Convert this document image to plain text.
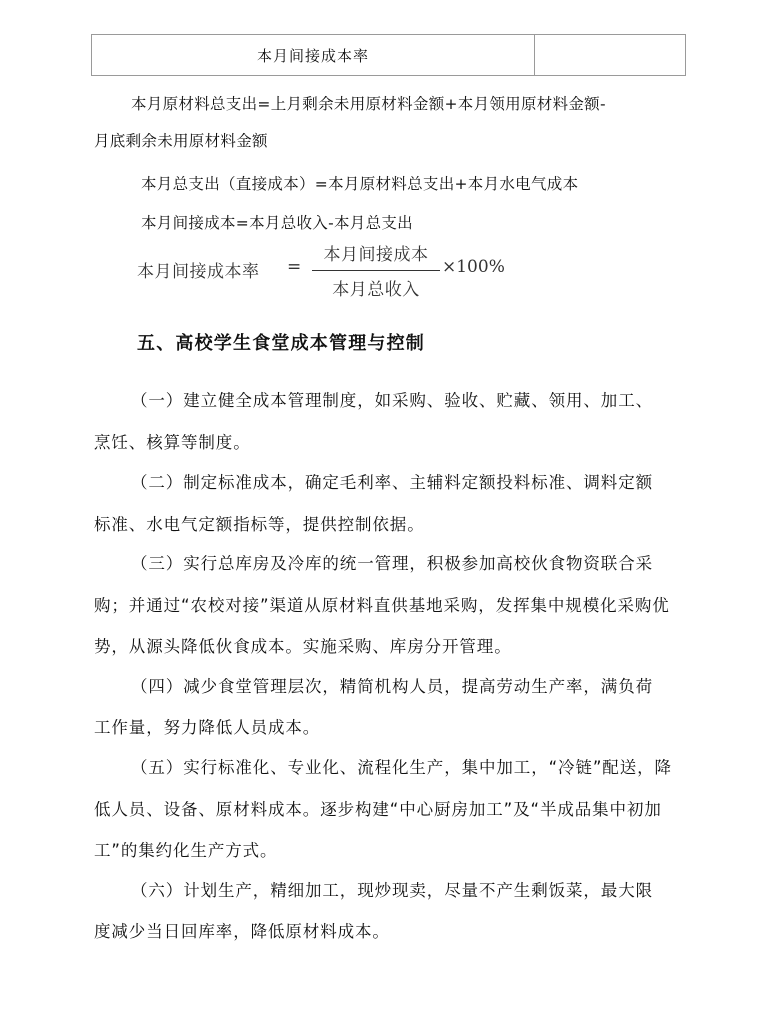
本月间接成本率
本月原材料总支出=上月剩余未用原材料金额+本月领用原材料金额-
月底剩余未用原材料金额
本月总支出（直接成本）=本月原材料总支出+本月水电气成本
本月间接成本=本月总收入-本月总支出
本月间接成本率 =
本月间接成本
本月总收入
×100%
五、高校学生食堂成本管理与控制
（一）建立健全成本管理制度，如采购、验收、贮藏、领用、加工、
烹饪、核算等制度。
（二）制定标准成本，确定毛利率、主辅料定额投料标准、调料定额
标准、水电气定额指标等，提供控制依据。
（三）实行总库房及冷库的统一管理，积极参加高校伙食物资联合采
购；并通过“农校对接”渠道从原材料直供基地采购，发挥集中规模化采购优
势，从源头降低伙食成本。实施采购、库房分开管理。
（四）减少食堂管理层次，精简机构人员，提高劳动生产率，满负荷
工作量，努力降低人员成本。
（五）实行标准化、专业化、流程化生产，集中加工，“冷链”配送，降
低人员、设备、原材料成本。逐步构建“中心厨房加工”及“半成品集中初加
工”的集约化生产方式。
（六）计划生产，精细加工，现炒现卖，尽量不产生剩饭菜，最大限
度减少当日回库率，降低原材料成本。
